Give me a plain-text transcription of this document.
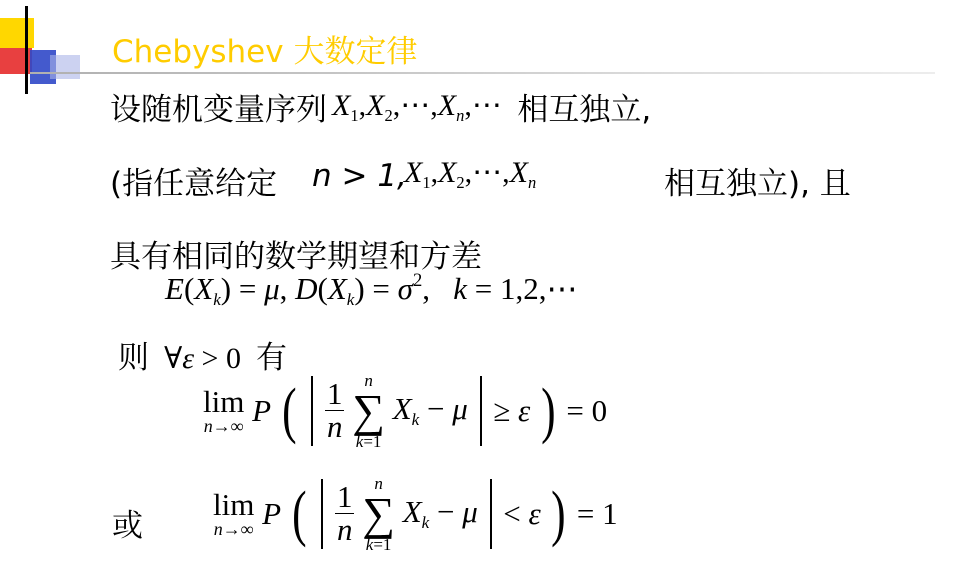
Chebyshev 大数定律
设随机变量序列 $X_1,X_2,\cdots,X_n,\cdots$ 相互独立,
(指任意给定 n > 1,
$X_1,X_2,\cdots,X_n$	相互独立), 且
具有相同的数学期望和方差
$E(X_k) = \mu$, $D(X_k) = \sigma^2$,   k = 1,2,⋯
则 ∀ε > 0 有
lim
n→∞ P ( $\frac{1}{n}$
	n
∑
k=1
$X_k - \mu \ge \varepsilon$ ) = 0
或
lim
n→∞ P ( $\frac{1}{n}$
	n
∑
k=1
$X_k - \mu < \varepsilon$ ) = 1
